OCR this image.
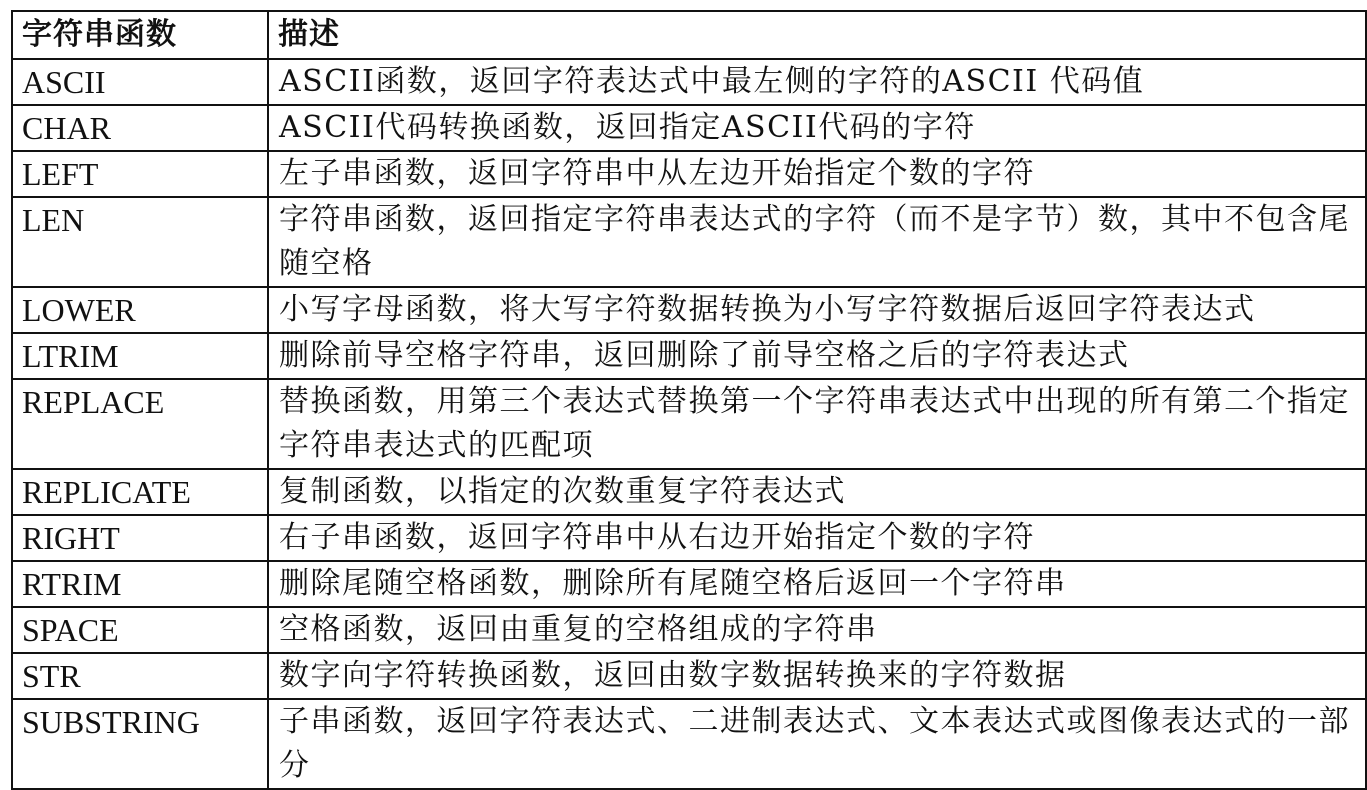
字符串函数	描述
ASCII	ASCII函数，返回字符表达式中最左侧的字符的ASCII 代码值
CHAR	ASCII代码转换函数，返回指定ASCII代码的字符
LEFT	左子串函数，返回字符串中从左边开始指定个数的字符
LEN	字符串函数，返回指定字符串表达式的字符（而不是字节）数，其中不包含尾随空格
LOWER	小写字母函数，将大写字符数据转换为小写字符数据后返回字符表达式
LTRIM	删除前导空格字符串，返回删除了前导空格之后的字符表达式
REPLACE	替换函数，用第三个表达式替换第一个字符串表达式中出现的所有第二个指定字符串表达式的匹配项
REPLICATE	复制函数，以指定的次数重复字符表达式
RIGHT	右子串函数，返回字符串中从右边开始指定个数的字符
RTRIM	删除尾随空格函数，删除所有尾随空格后返回一个字符串
SPACE	空格函数，返回由重复的空格组成的字符串
STR	数字向字符转换函数，返回由数字数据转换来的字符数据
SUBSTRING	子串函数，返回字符表达式、二进制表达式、文本表达式或图像表达式的一部分
